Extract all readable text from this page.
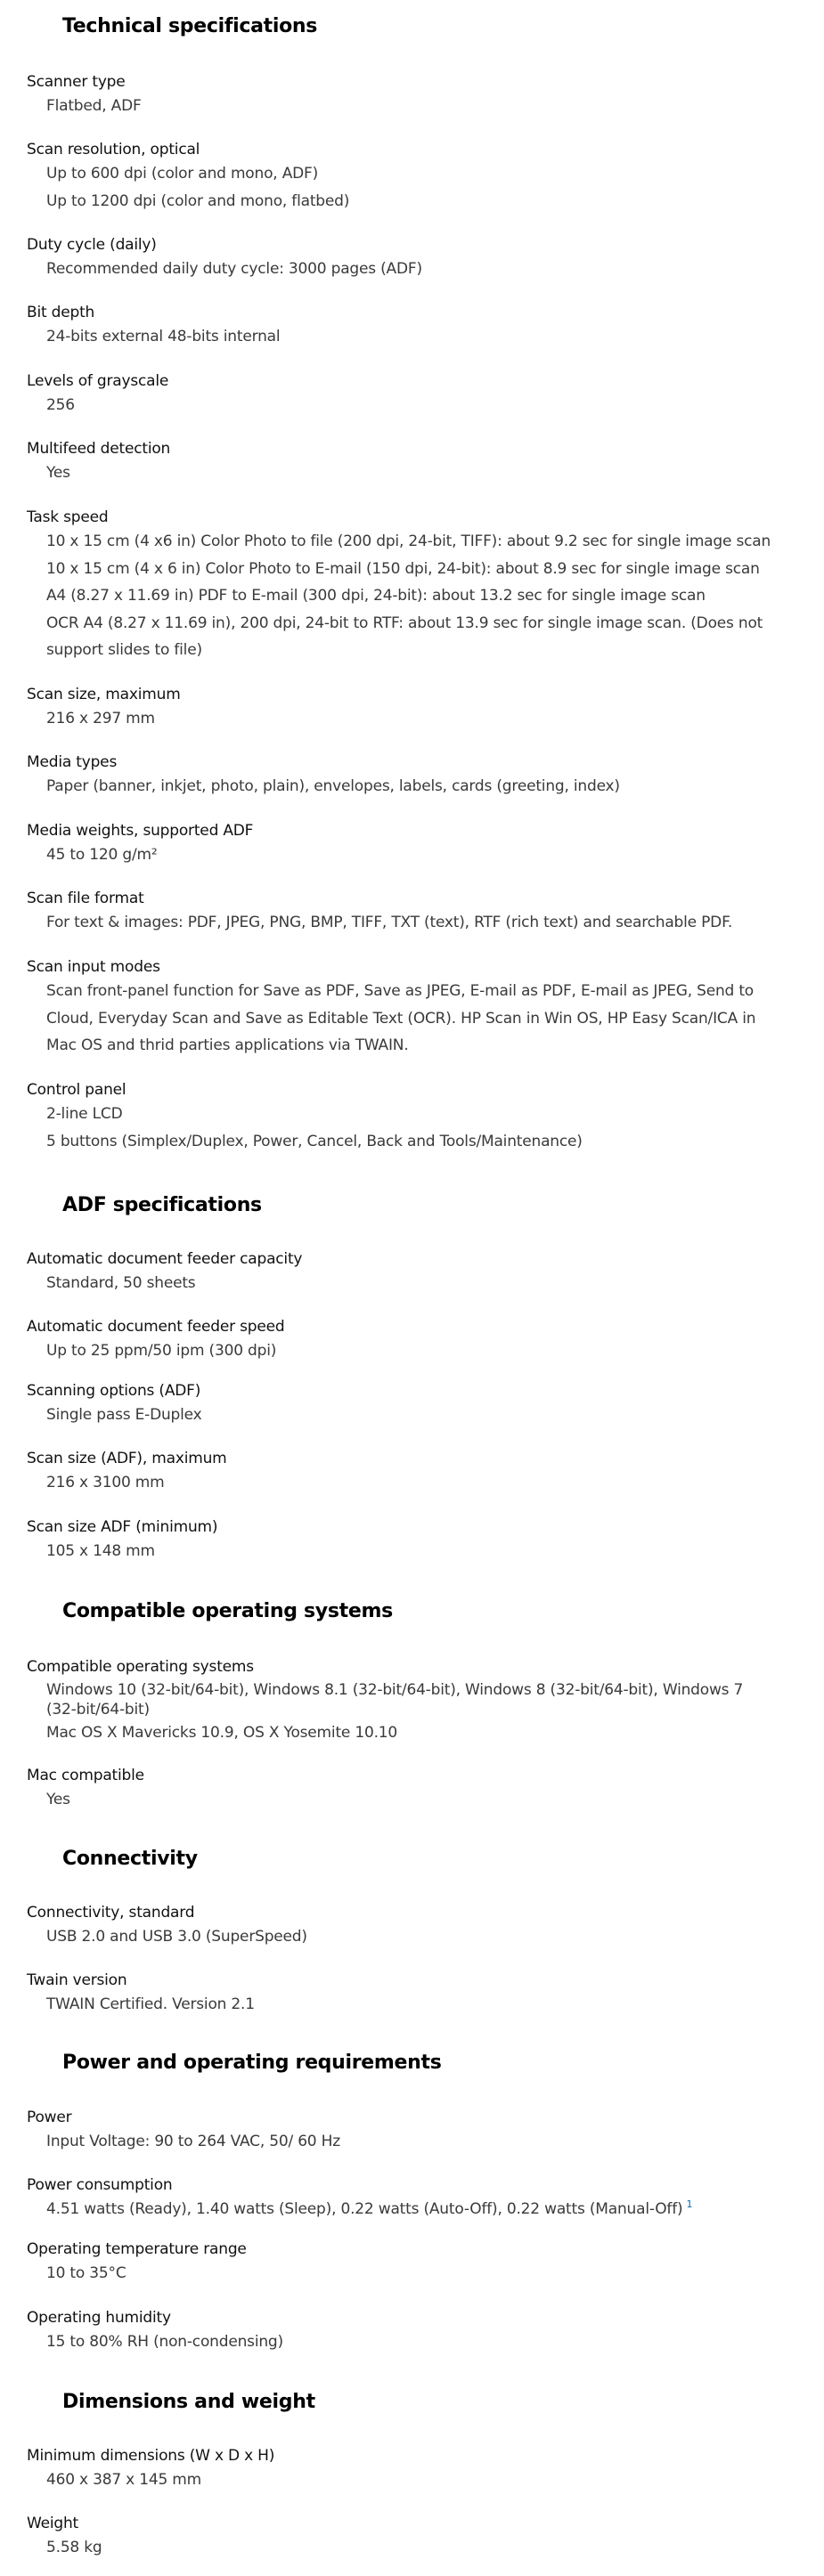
Technical specifications
Scanner type
Flatbed, ADF
Scan resolution, optical
Up to 600 dpi (color and mono, ADF)
Up to 1200 dpi (color and mono, flatbed)
Duty cycle (daily)
Recommended daily duty cycle: 3000 pages (ADF)
Bit depth
24-bits external 48-bits internal
Levels of grayscale
256
Multifeed detection
Yes
Task speed
10 x 15 cm (4 x6 in) Color Photo to file (200 dpi, 24-bit, TIFF): about 9.2 sec for single image scan
10 x 15 cm (4 x 6 in) Color Photo to E-mail (150 dpi, 24-bit): about 8.9 sec for single image scan
A4 (8.27 x 11.69 in) PDF to E-mail (300 dpi, 24-bit): about 13.2 sec for single image scan
OCR A4 (8.27 x 11.69 in), 200 dpi, 24-bit to RTF: about 13.9 sec for single image scan. (Does not support slides to file)
Scan size, maximum
216 x 297 mm
Media types
Paper (banner, inkjet, photo, plain), envelopes, labels, cards (greeting, index)
Media weights, supported ADF
45 to 120 g/m²
Scan file format
For text & images: PDF, JPEG, PNG, BMP, TIFF, TXT (text), RTF (rich text) and searchable PDF.
Scan input modes
Scan front-panel function for Save as PDF, Save as JPEG, E-mail as PDF, E-mail as JPEG, Send to Cloud, Everyday Scan and Save as Editable Text (OCR). HP Scan in Win OS, HP Easy Scan/ICA in Mac OS and thrid parties applications via TWAIN.
Control panel
2-line LCD
5 buttons (Simplex/Duplex, Power, Cancel, Back and Tools/Maintenance)
ADF specifications
Automatic document feeder capacity
Standard, 50 sheets
Automatic document feeder speed
Up to 25 ppm/50 ipm (300 dpi)
Scanning options (ADF)
Single pass E-Duplex
Scan size (ADF), maximum
216 x 3100 mm
Scan size ADF (minimum)
105 x 148 mm
Compatible operating systems
Compatible operating systems
Windows 10 (32-bit/64-bit), Windows 8.1 (32-bit/64-bit), Windows 8 (32-bit/64-bit), Windows 7 (32-bit/64-bit)
Mac OS X Mavericks 10.9, OS X Yosemite 10.10
Mac compatible
Yes
Connectivity
Connectivity, standard
USB 2.0 and USB 3.0 (SuperSpeed)
Twain version
TWAIN Certified. Version 2.1
Power and operating requirements
Power
Input Voltage: 90 to 264 VAC, 50/ 60 Hz
Power consumption
4.51 watts (Ready), 1.40 watts (Sleep), 0.22 watts (Auto-Off), 0.22 watts (Manual-Off) $^1$
Operating temperature range
10 to 35°C
Operating humidity
15 to 80% RH (non-condensing)
Dimensions and weight
Minimum dimensions (W x D x H)
460 x 387 x 145 mm
Weight
5.58 kg
